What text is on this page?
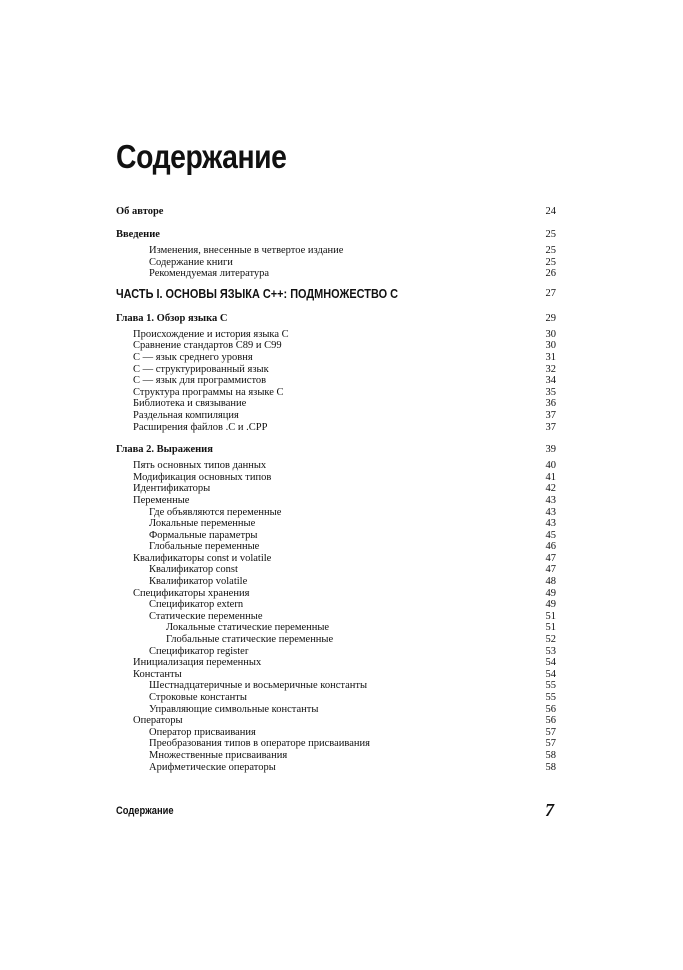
Содержание
Об авторе	24
Введение	25
Изменения, внесенные в четвертое издание	25
Содержание книги	25
Рекомендуемая литература	26
ЧАСТЬ I. ОСНОВЫ ЯЗЫКА C++: ПОДМНОЖЕСТВО C	27
Глава 1. Обзор языка C	29
Происхождение и история языка C	30
Сравнение стандартов C89 и C99	30
C — язык среднего уровня	31
C — структурированный язык	32
C — язык для программистов	34
Структура программы на языке C	35
Библиотека и связывание	36
Раздельная компиляция	37
Расширения файлов .C и .CPP	37
Глава 2. Выражения	39
Пять основных типов данных	40
Модификация основных типов	41
Идентификаторы	42
Переменные	43
Где объявляются переменные	43
Локальные переменные	43
Формальные параметры	45
Глобальные переменные	46
Квалификаторы const и volatile	47
Квалификатор const	47
Квалификатор volatile	48
Спецификаторы хранения	49
Спецификатор extern	49
Статические переменные	51
Локальные статические переменные	51
Глобальные статические переменные	52
Спецификатор register	53
Инициализация переменных	54
Константы	54
Шестнадцатеричные и восьмеричные константы	55
Строковые константы	55
Управляющие символьные константы	56
Операторы	56
Оператор присваивания	57
Преобразования типов в операторе присваивания	57
Множественные присваивания	58
Арифметические операторы	58
Содержание	7
